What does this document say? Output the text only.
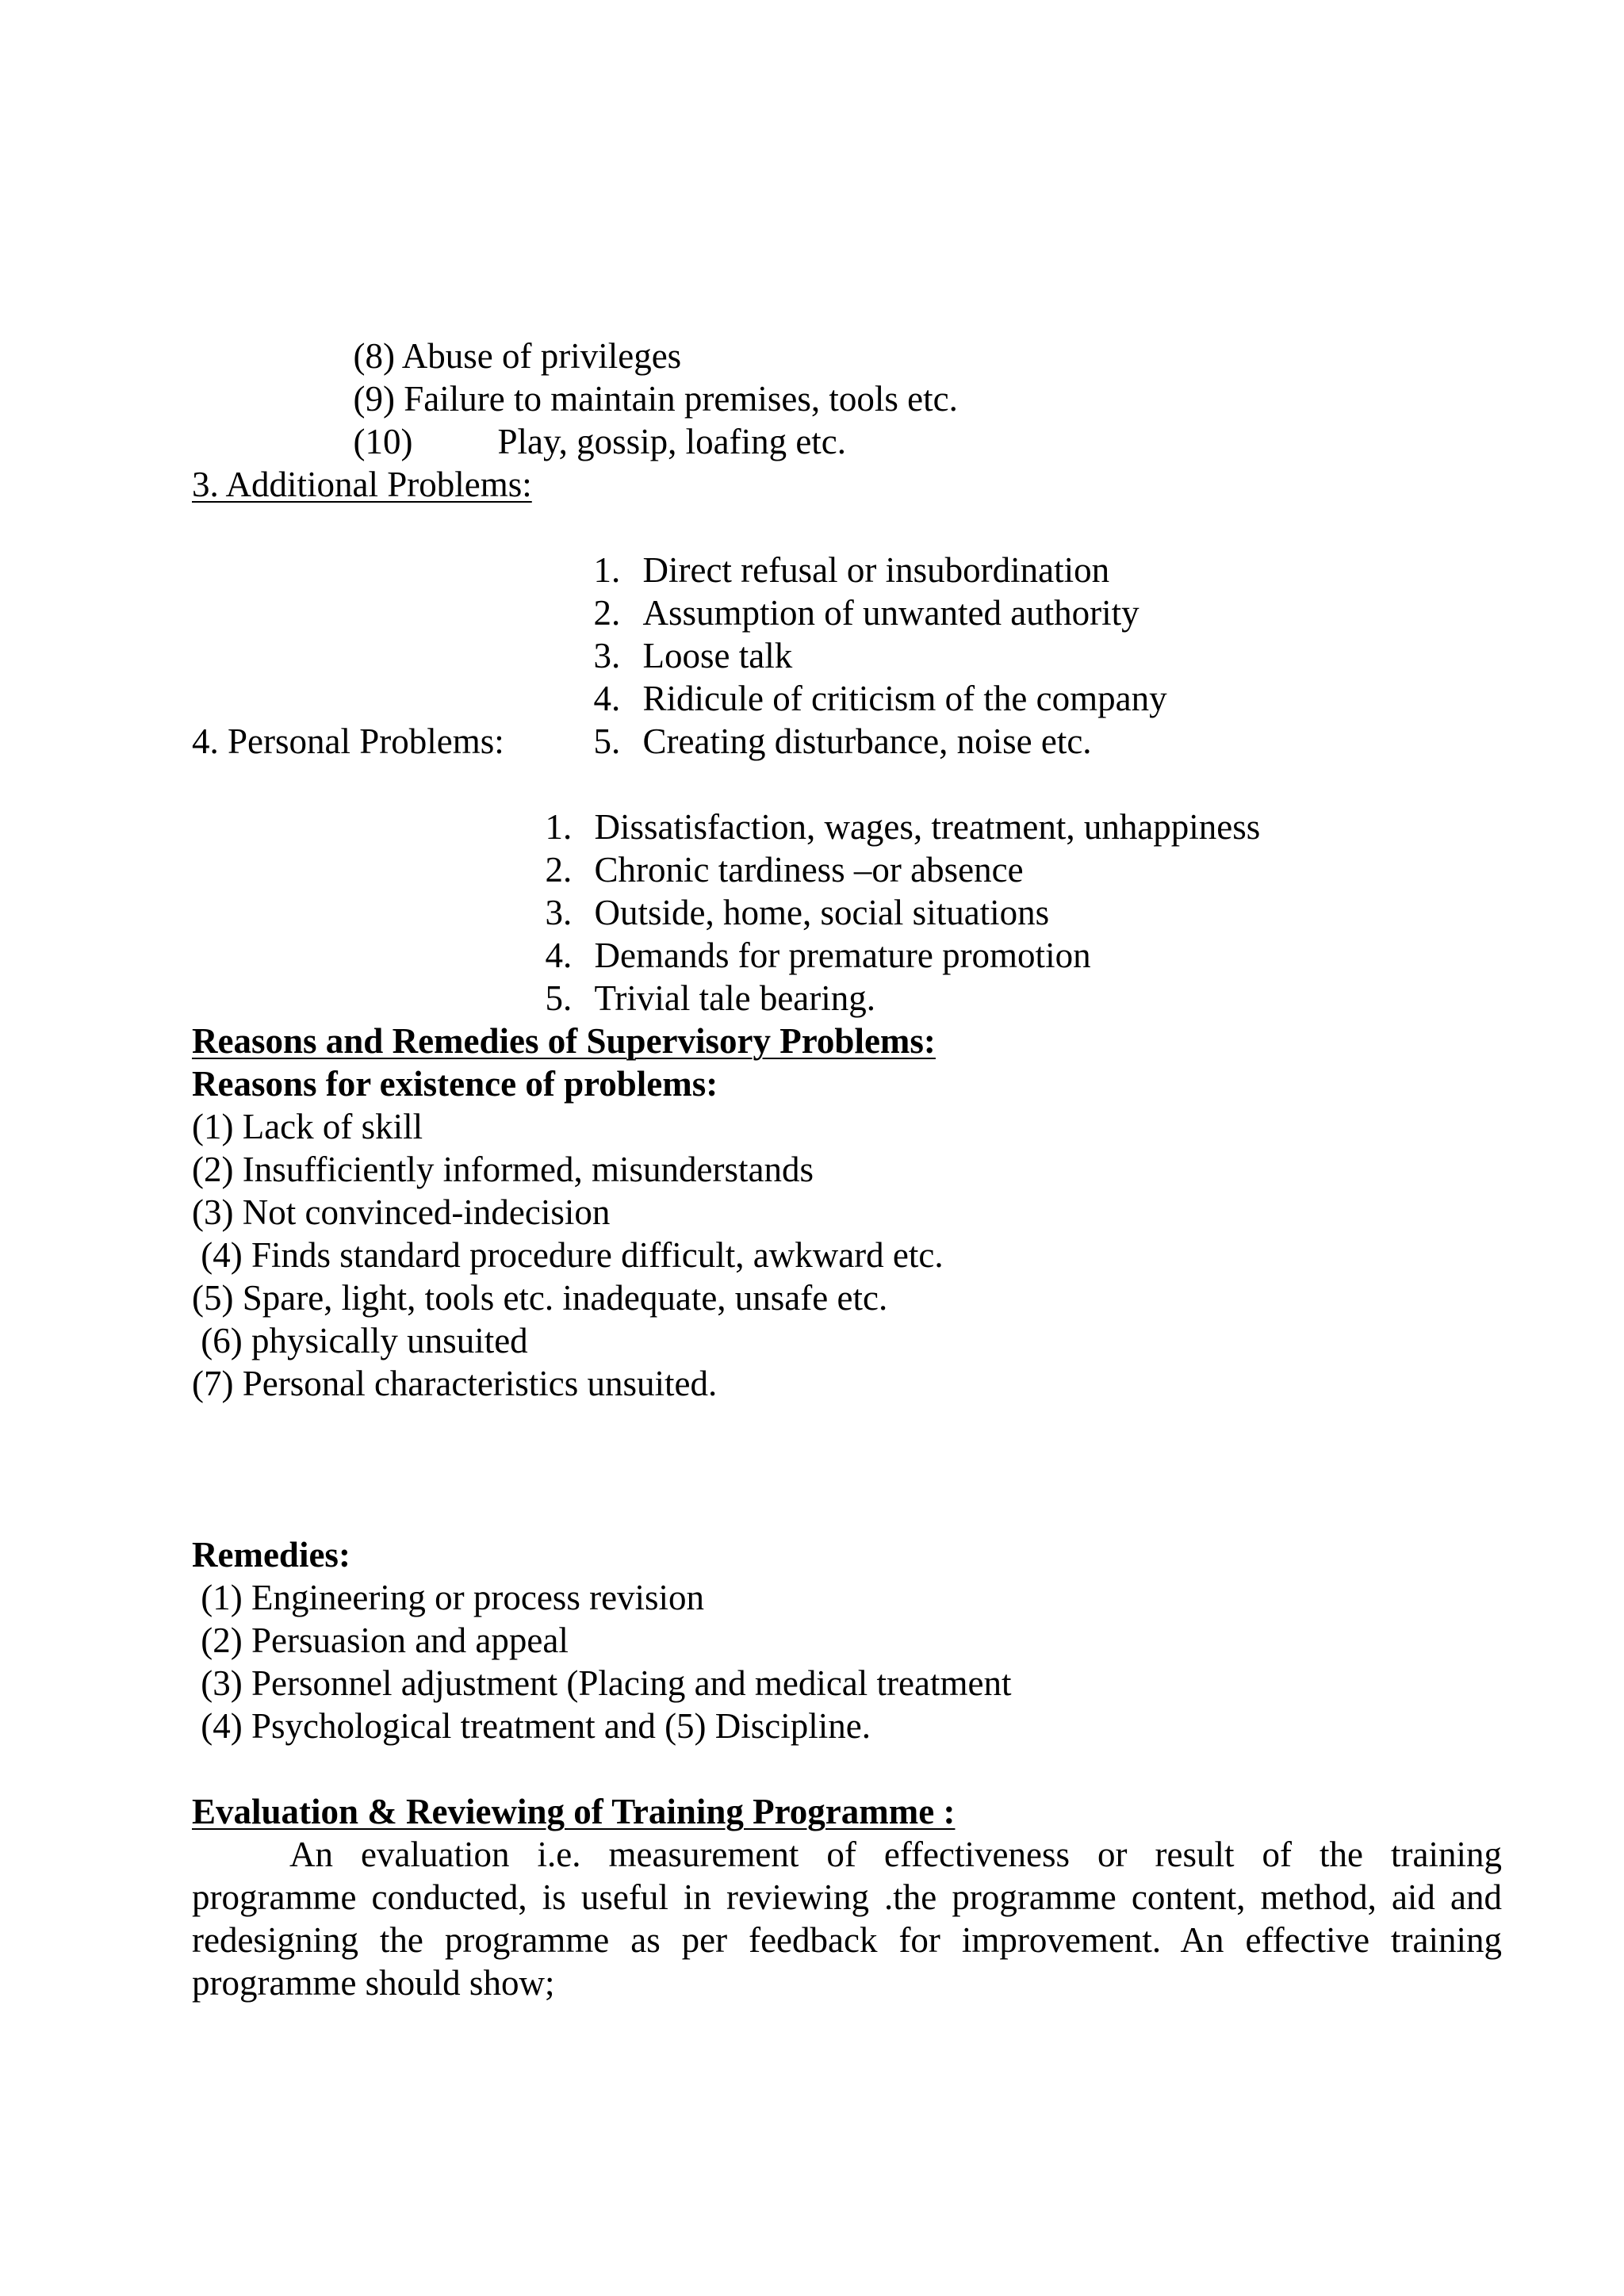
(8) Abuse of privileges

(9) Failure to maintain premises, tools etc.

(10) Play, gossip, loafing etc.

3. Additional Problems:

1. Direct refusal or insubordination

2. Assumption of unwanted authority

3. Loose talk

4. Ridicule of criticism of the company

5. Creating disturbance, noise etc.

4. Personal Problems:

1. Dissatisfaction, wages, treatment, unhappiness

2. Chronic tardiness –or absence

3. Outside, home, social situations

4. Demands for premature promotion

5. Trivial tale bearing.

Reasons and Remedies of Supervisory Problems:
Reasons for existence of problems:
(1) Lack of skill
(2) Insufficiently informed, misunderstands
(3) Not convinced-indecision
(4) Finds standard procedure difficult, awkward etc.
(5) Spare, light, tools etc. inadequate, unsafe etc.
(6) physically unsuited
(7) Personal characteristics unsuited.
Remedies:
(1) Engineering or process revision
(2) Persuasion and appeal
(3) Personnel adjustment (Placing and medical treatment
(4) Psychological treatment and (5) Discipline.
Evaluation & Reviewing of Training Programme :
An evaluation i.e. measurement of effectiveness or result of the training
programme conducted, is useful in reviewing .the programme content, method, aid and
redesigning the programme as per feedback for improvement. An effective training
programme should show;
